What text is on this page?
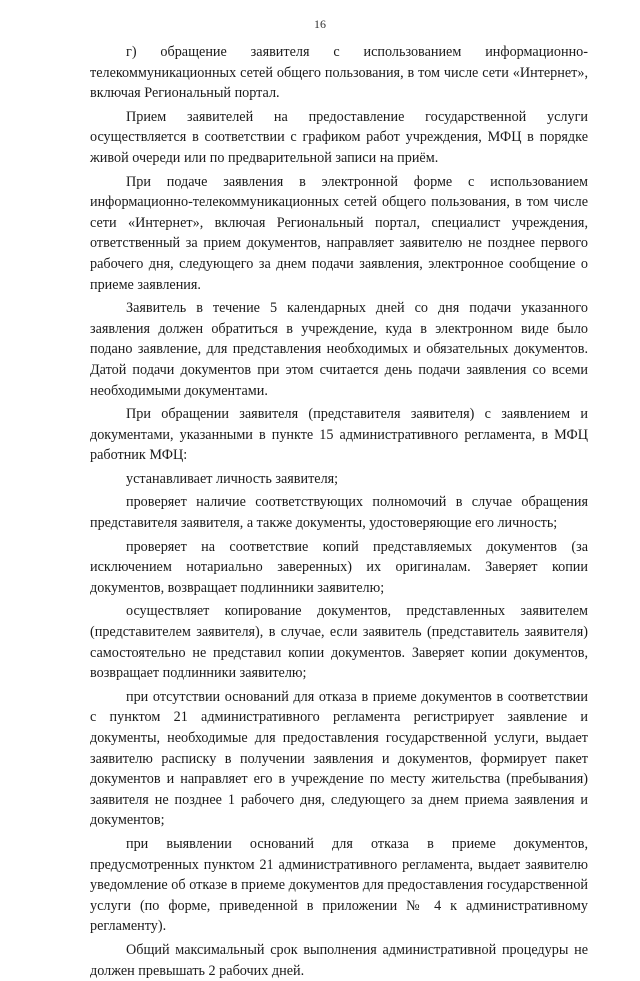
16

г) обращение заявителя с использованием информационно-телекоммуникационных сетей общего пользования, в том числе сети «Интернет», включая Региональный портал.

Прием заявителей на предоставление государственной услуги осуществляется в соответствии с графиком работ учреждения, МФЦ в порядке живой очереди или по предварительной записи на приём.

При подаче заявления в электронной форме с использованием информационно-телекоммуникационных сетей общего пользования, в том числе сети «Интернет», включая Региональный портал, специалист учреждения, ответственный за прием документов, направляет заявителю не позднее первого рабочего дня, следующего за днем подачи заявления, электронное сообщение о приеме заявления.

Заявитель в течение 5 календарных дней со дня подачи указанного заявления должен обратиться в учреждение, куда в электронном виде было подано заявление, для представления необходимых и обязательных документов. Датой подачи документов при этом считается день подачи заявления со всеми необходимыми документами.

При обращении заявителя (представителя заявителя) с заявлением и документами, указанными в пункте 15 административного регламента, в МФЦ работник МФЦ:

устанавливает личность заявителя;

проверяет наличие соответствующих полномочий в случае обращения представителя заявителя, а также документы, удостоверяющие его личность;

проверяет на соответствие копий представляемых документов (за исключением нотариально заверенных) их оригиналам. Заверяет копии документов, возвращает подлинники заявителю;

осуществляет копирование документов, представленных заявителем (представителем заявителя), в случае, если заявитель (представитель заявителя) самостоятельно не представил копии документов. Заверяет копии документов, возвращает подлинники заявителю;

при отсутствии оснований для отказа в приеме документов в соответствии с пунктом 21 административного регламента регистрирует заявление и документы, необходимые для предоставления государственной услуги, выдает заявителю расписку в получении заявления и документов, формирует пакет документов и направляет его в учреждение по месту жительства (пребывания) заявителя не позднее 1 рабочего дня, следующего за днем приема заявления и документов;

при выявлении оснований для отказа в приеме документов, предусмотренных пунктом 21 административного регламента, выдает заявителю уведомление об отказе в приеме документов для предоставления государственной услуги (по форме, приведенной в приложении № 4 к административному регламенту).

Общий максимальный срок выполнения административной процедуры не должен превышать 2 рабочих дней.
